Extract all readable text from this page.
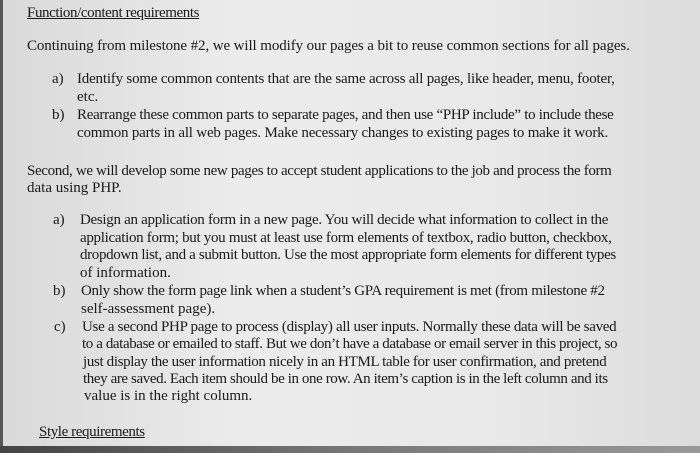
Function/content requirements
Continuing from milestone #2, we will modify our pages a bit to reuse common sections for all pages.
a) Identify some common contents that are the same across all pages, like header, menu, footer,
etc.
b) Rearrange these common parts to separate pages, and then use “PHP include” to include these
common parts in all web pages. Make necessary changes to existing pages to make it work.
Second, we will develop some new pages to accept student applications to the job and process the form
data using PHP.
a) Design an application form in a new page. You will decide what information to collect in the
application form; but you must at least use form elements of textbox, radio button, checkbox,
dropdown list, and a submit button. Use the most appropriate form elements for different types
of information.
b) Only show the form page link when a student’s GPA requirement is met (from milestone #2
self-assessment page).
c) Use a second PHP page to process (display) all user inputs. Normally these data will be saved
to a database or emailed to staff. But we don’t have a database or email server in this project, so
just display the user information nicely in an HTML table for user confirmation, and pretend
they are saved. Each item should be in one row. An item’s caption is in the left column and its
value is in the right column.
Style requirements
